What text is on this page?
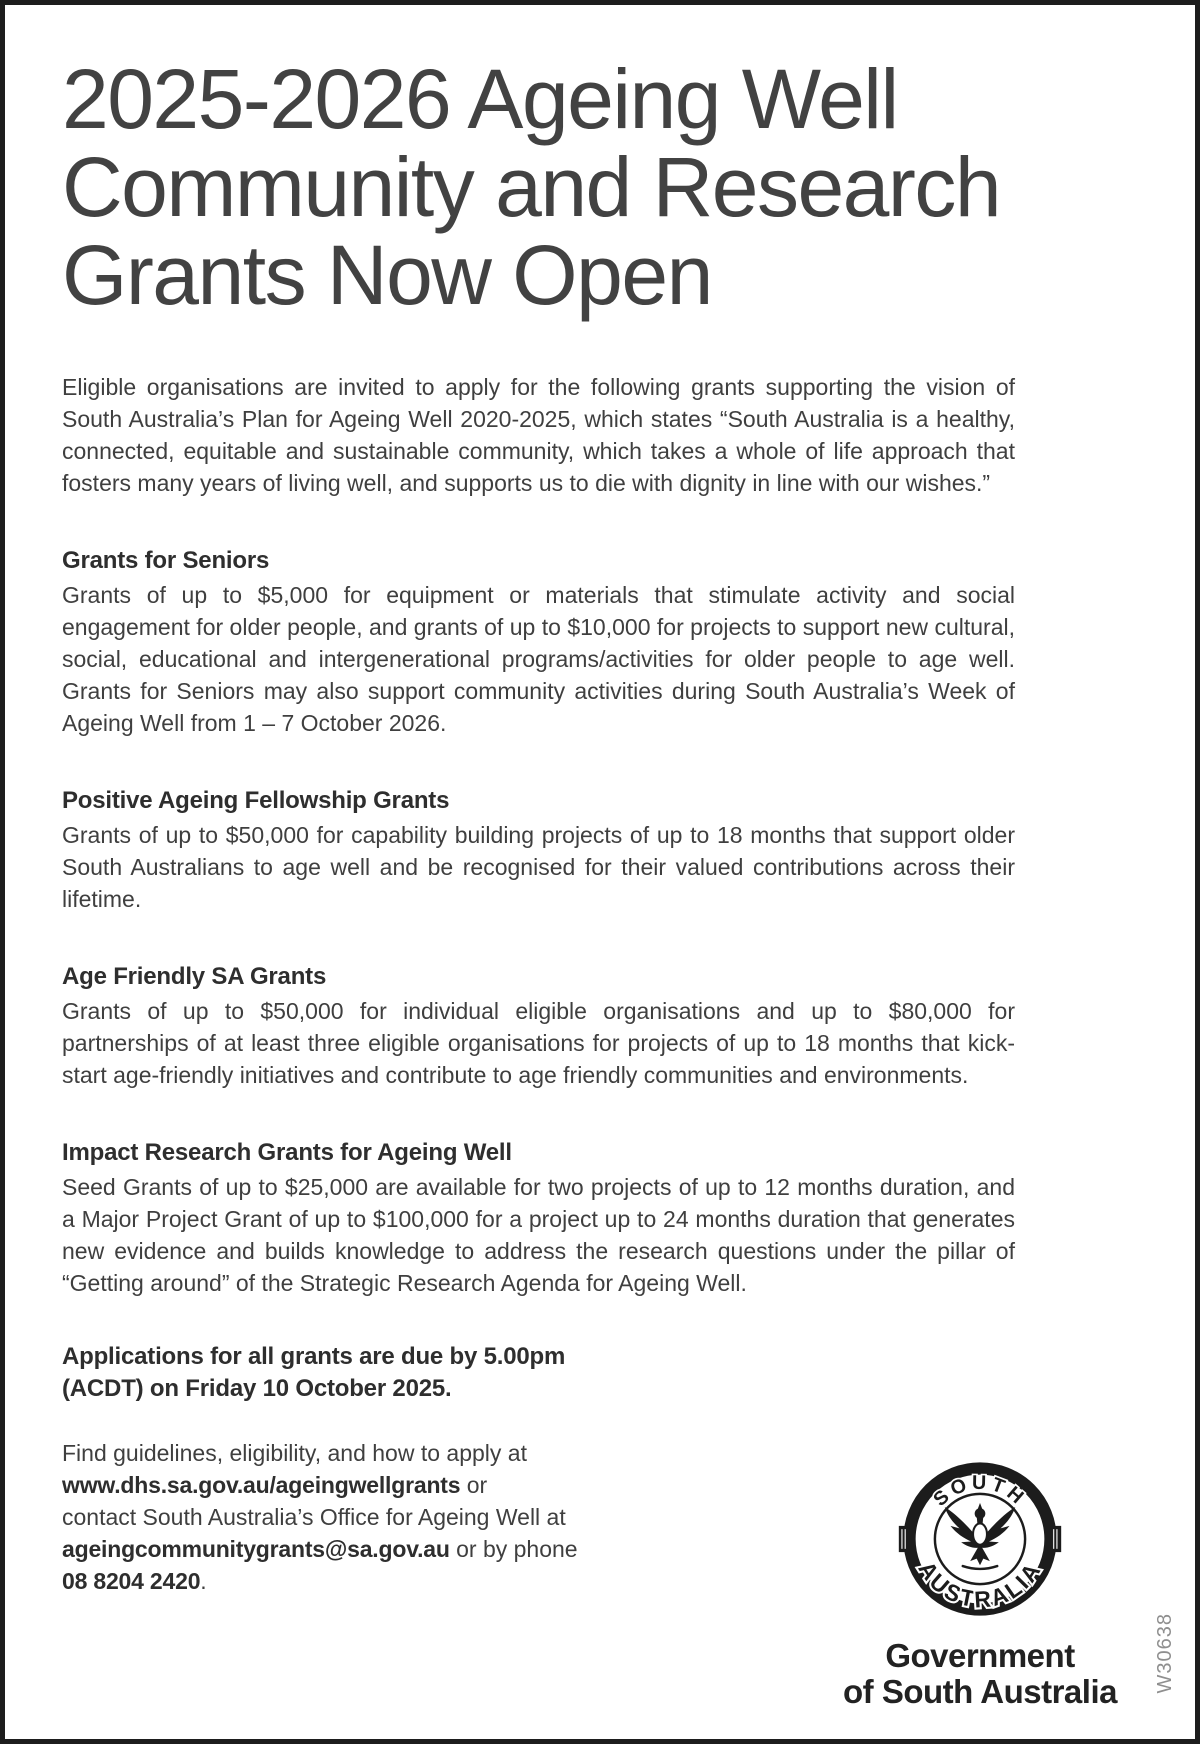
2025-2026 Ageing Well
Community and Research
Grants Now Open

Eligible organisations are invited to apply for the following grants supporting the vision of South Australia’s Plan for Ageing Well 2020-2025, which states “South Australia is a healthy, connected, equitable and sustainable community, which takes a whole of life approach that fosters many years of living well, and supports us to die with dignity in line with our wishes.”

Grants for Seniors

Grants of up to $5,000 for equipment or materials that stimulate activity and social engagement for older people, and grants of up to $10,000 for projects to support new cultural, social, educational and intergenerational programs/activities for older people to age well. Grants for Seniors may also support community activities during South Australia’s Week of Ageing Well from 1 – 7 October 2026.

Positive Ageing Fellowship Grants

Grants of up to $50,000 for capability building projects of up to 18 months that support older South Australians to age well and be recognised for their valued contributions across their lifetime.

Age Friendly SA Grants

Grants of up to $50,000 for individual eligible organisations and up to $80,000 for partnerships of at least three eligible organisations for projects of up to 18 months that kick-start age-friendly initiatives and contribute to age friendly communities and environments.

Impact Research Grants for Ageing Well

Seed Grants of up to $25,000 are available for two projects of up to 12 months duration, and a Major Project Grant of up to $100,000 for a project up to 24 months duration that generates new evidence and builds knowledge to address the research questions under the pillar of “Getting around” of the Strategic Research Agenda for Ageing Well.

Applications for all grants are due by 5.00pm
(ACDT) on Friday 10 October 2025.

Find guidelines, eligibility, and how to apply at
www.dhs.sa.gov.au/ageingwellgrants or
contact South Australia’s Office for Ageing Well at
ageingcommunitygrants@sa.gov.au or by phone
08 8204 2420.

SOUTH
AUSTRALIA
Government
of South Australia	W30638
